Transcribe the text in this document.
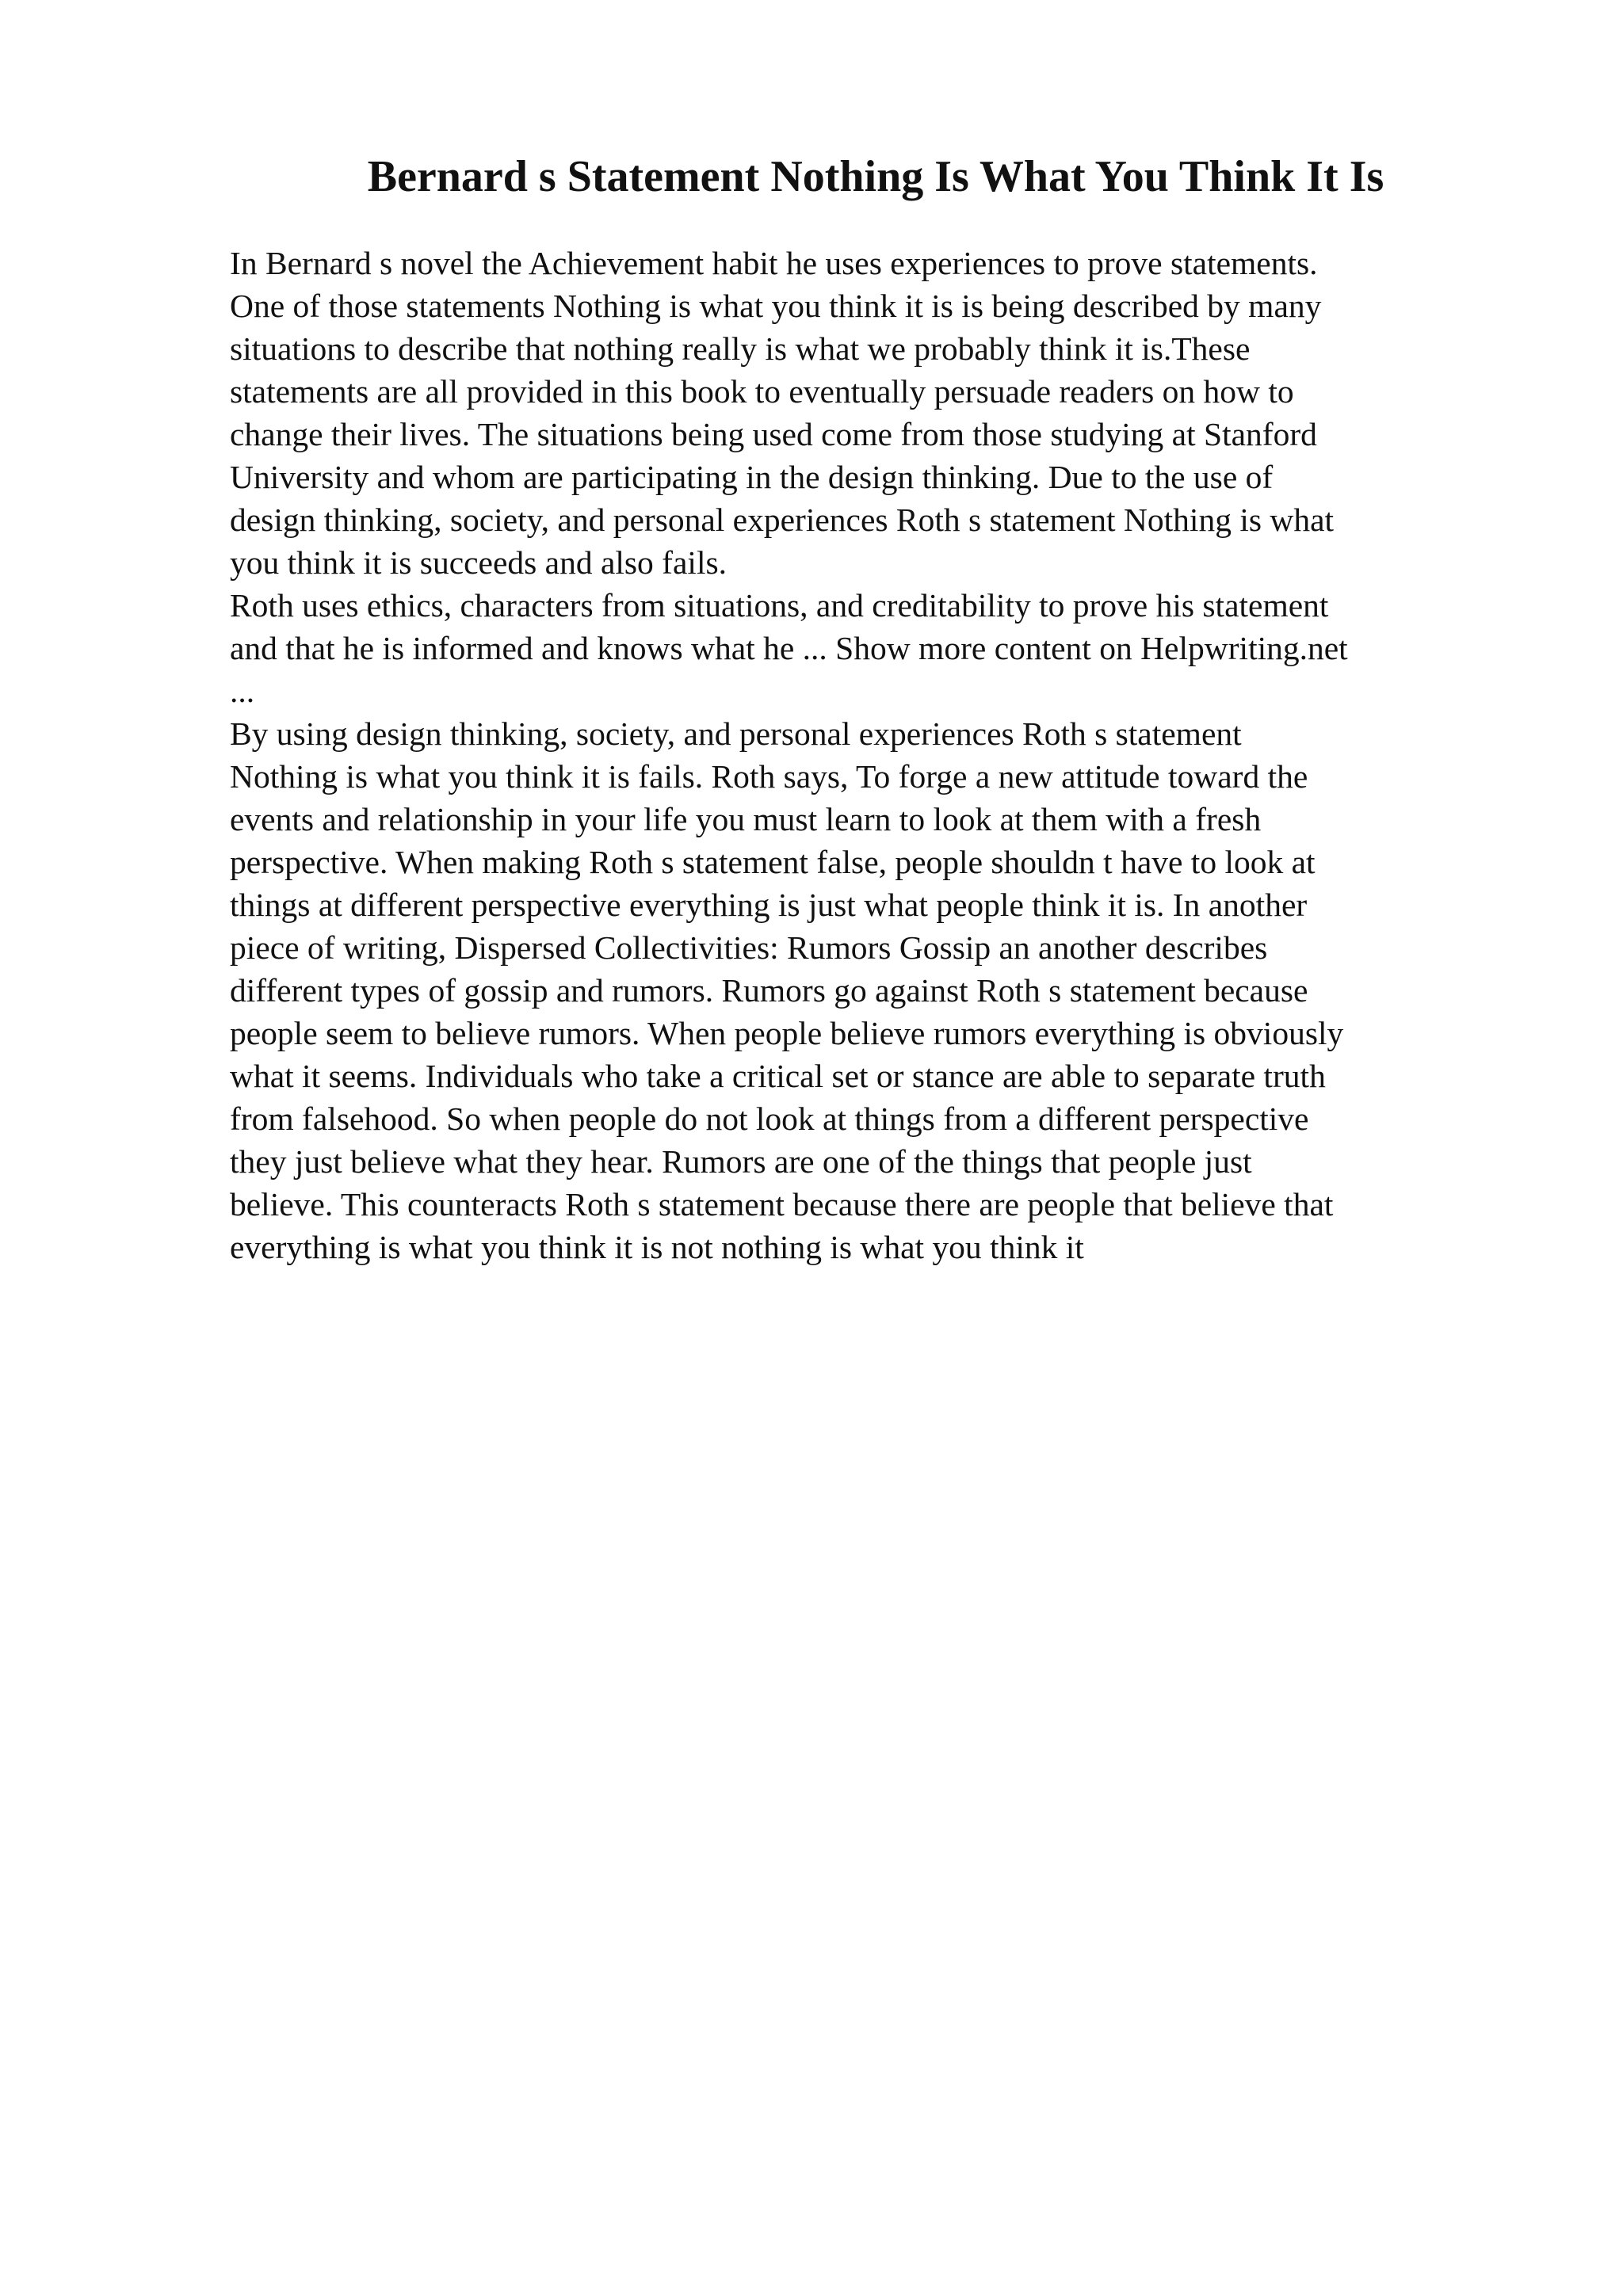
Bernard s Statement Nothing Is What You Think It Is
In Bernard s novel the Achievement habit he uses experiences to prove statements.
One of those statements Nothing is what you think it is is being described by many
situations to describe that nothing really is what we probably think it is.These
statements are all provided in this book to eventually persuade readers on how to
change their lives. The situations being used come from those studying at Stanford
University and whom are participating in the design thinking. Due to the use of
design thinking, society, and personal experiences Roth s statement Nothing is what
you think it is succeeds and also fails.
Roth uses ethics, characters from situations, and creditability to prove his statement
and that he is informed and knows what he ... Show more content on Helpwriting.net
...
By using design thinking, society, and personal experiences Roth s statement
Nothing is what you think it is fails. Roth says, To forge a new attitude toward the
events and relationship in your life you must learn to look at them with a fresh
perspective. When making Roth s statement false, people shouldn t have to look at
things at different perspective everything is just what people think it is. In another
piece of writing, Dispersed Collectivities: Rumors Gossip an another describes
different types of gossip and rumors. Rumors go against Roth s statement because
people seem to believe rumors. When people believe rumors everything is obviously
what it seems. Individuals who take a critical set or stance are able to separate truth
from falsehood. So when people do not look at things from a different perspective
they just believe what they hear. Rumors are one of the things that people just
believe. This counteracts Roth s statement because there are people that believe that
everything is what you think it is not nothing is what you think it
